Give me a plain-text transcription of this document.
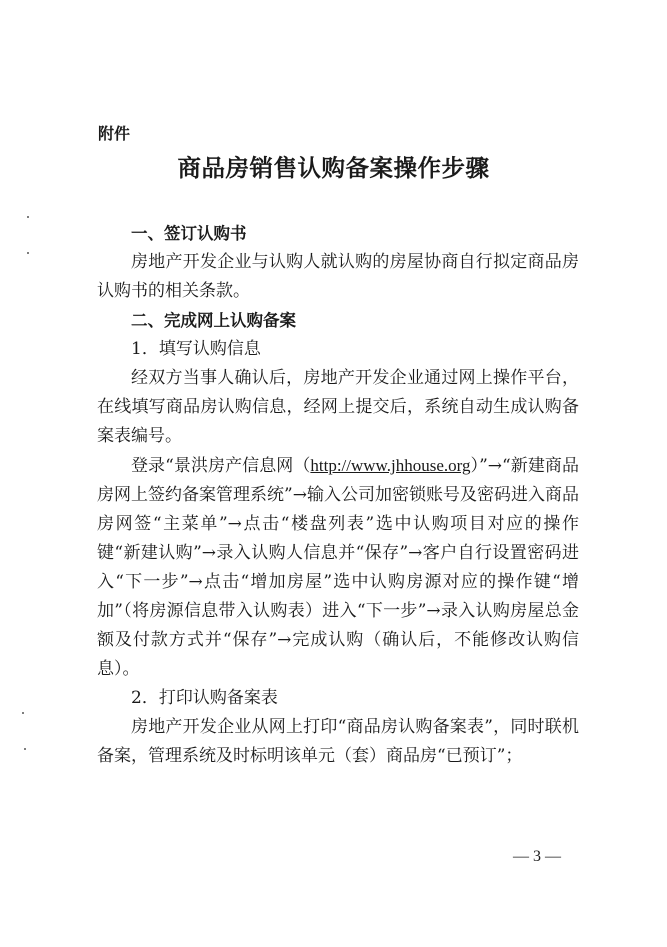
附件
商品房销售认购备案操作步骤

一、签订认购书

房地产开发企业与认购人就认购的房屋协商自行拟定商品房认购书的相关条款。

二、完成网上认购备案

1．填写认购信息

经双方当事人确认后，房地产开发企业通过网上操作平台，在线填写商品房认购信息，经网上提交后，系统自动生成认购备案表编号。

登录“景洪房产信息网（http://www.jhhouse.org）”→“新建商品房网上签约备案管理系统”→输入公司加密锁账号及密码进入商品房网签“主菜单”→点击“楼盘列表”选中认购项目对应的操作键“新建认购”→录入认购人信息并“保存”→客户自行设置密码进入“下一步”→点击“增加房屋”选中认购房源对应的操作键“增加”（将房源信息带入认购表）进入“下一步”→录入认购房屋总金额及付款方式并“保存”→完成认购（确认后，不能修改认购信息）。

2．打印认购备案表

房地产开发企业从网上打印“商品房认购备案表”，同时联机备案，管理系统及时标明该单元（套）商品房“已预订”；

— 3 —
